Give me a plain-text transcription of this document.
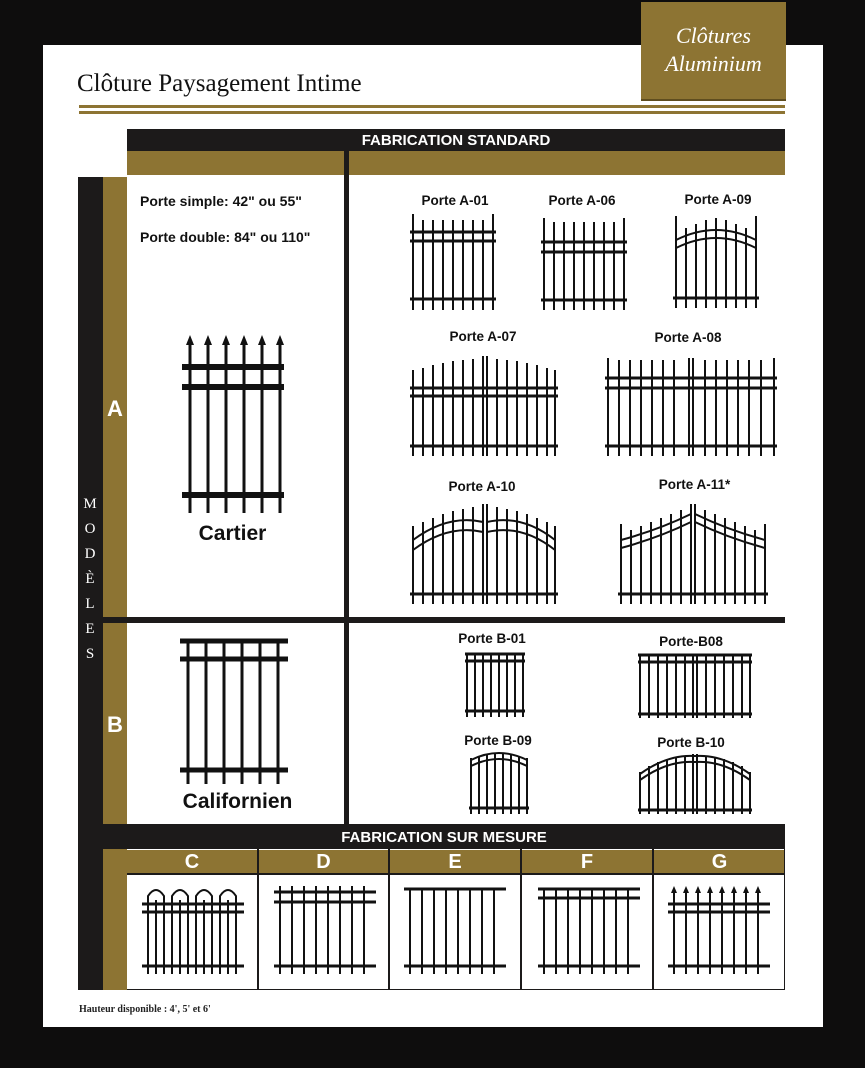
Clôtures
Aluminium
Clôture Paysagement Intime
FABRICATION STANDARD
M
O
D
È
L
E
S
A
B
Porte simple: 42" ou 55"
Porte double: 84" ou 110"
Cartier
Californien
Porte A-01	Porte A-06	Porte A-09
Porte A-07	Porte A-08
Porte A-10	Porte A-11*
Porte B-01	Porte-B08
Porte B-09	Porte B-10
FABRICATION SUR MESURE
C	D	E	F	G
Hauteur disponible : 4', 5' et 6'
